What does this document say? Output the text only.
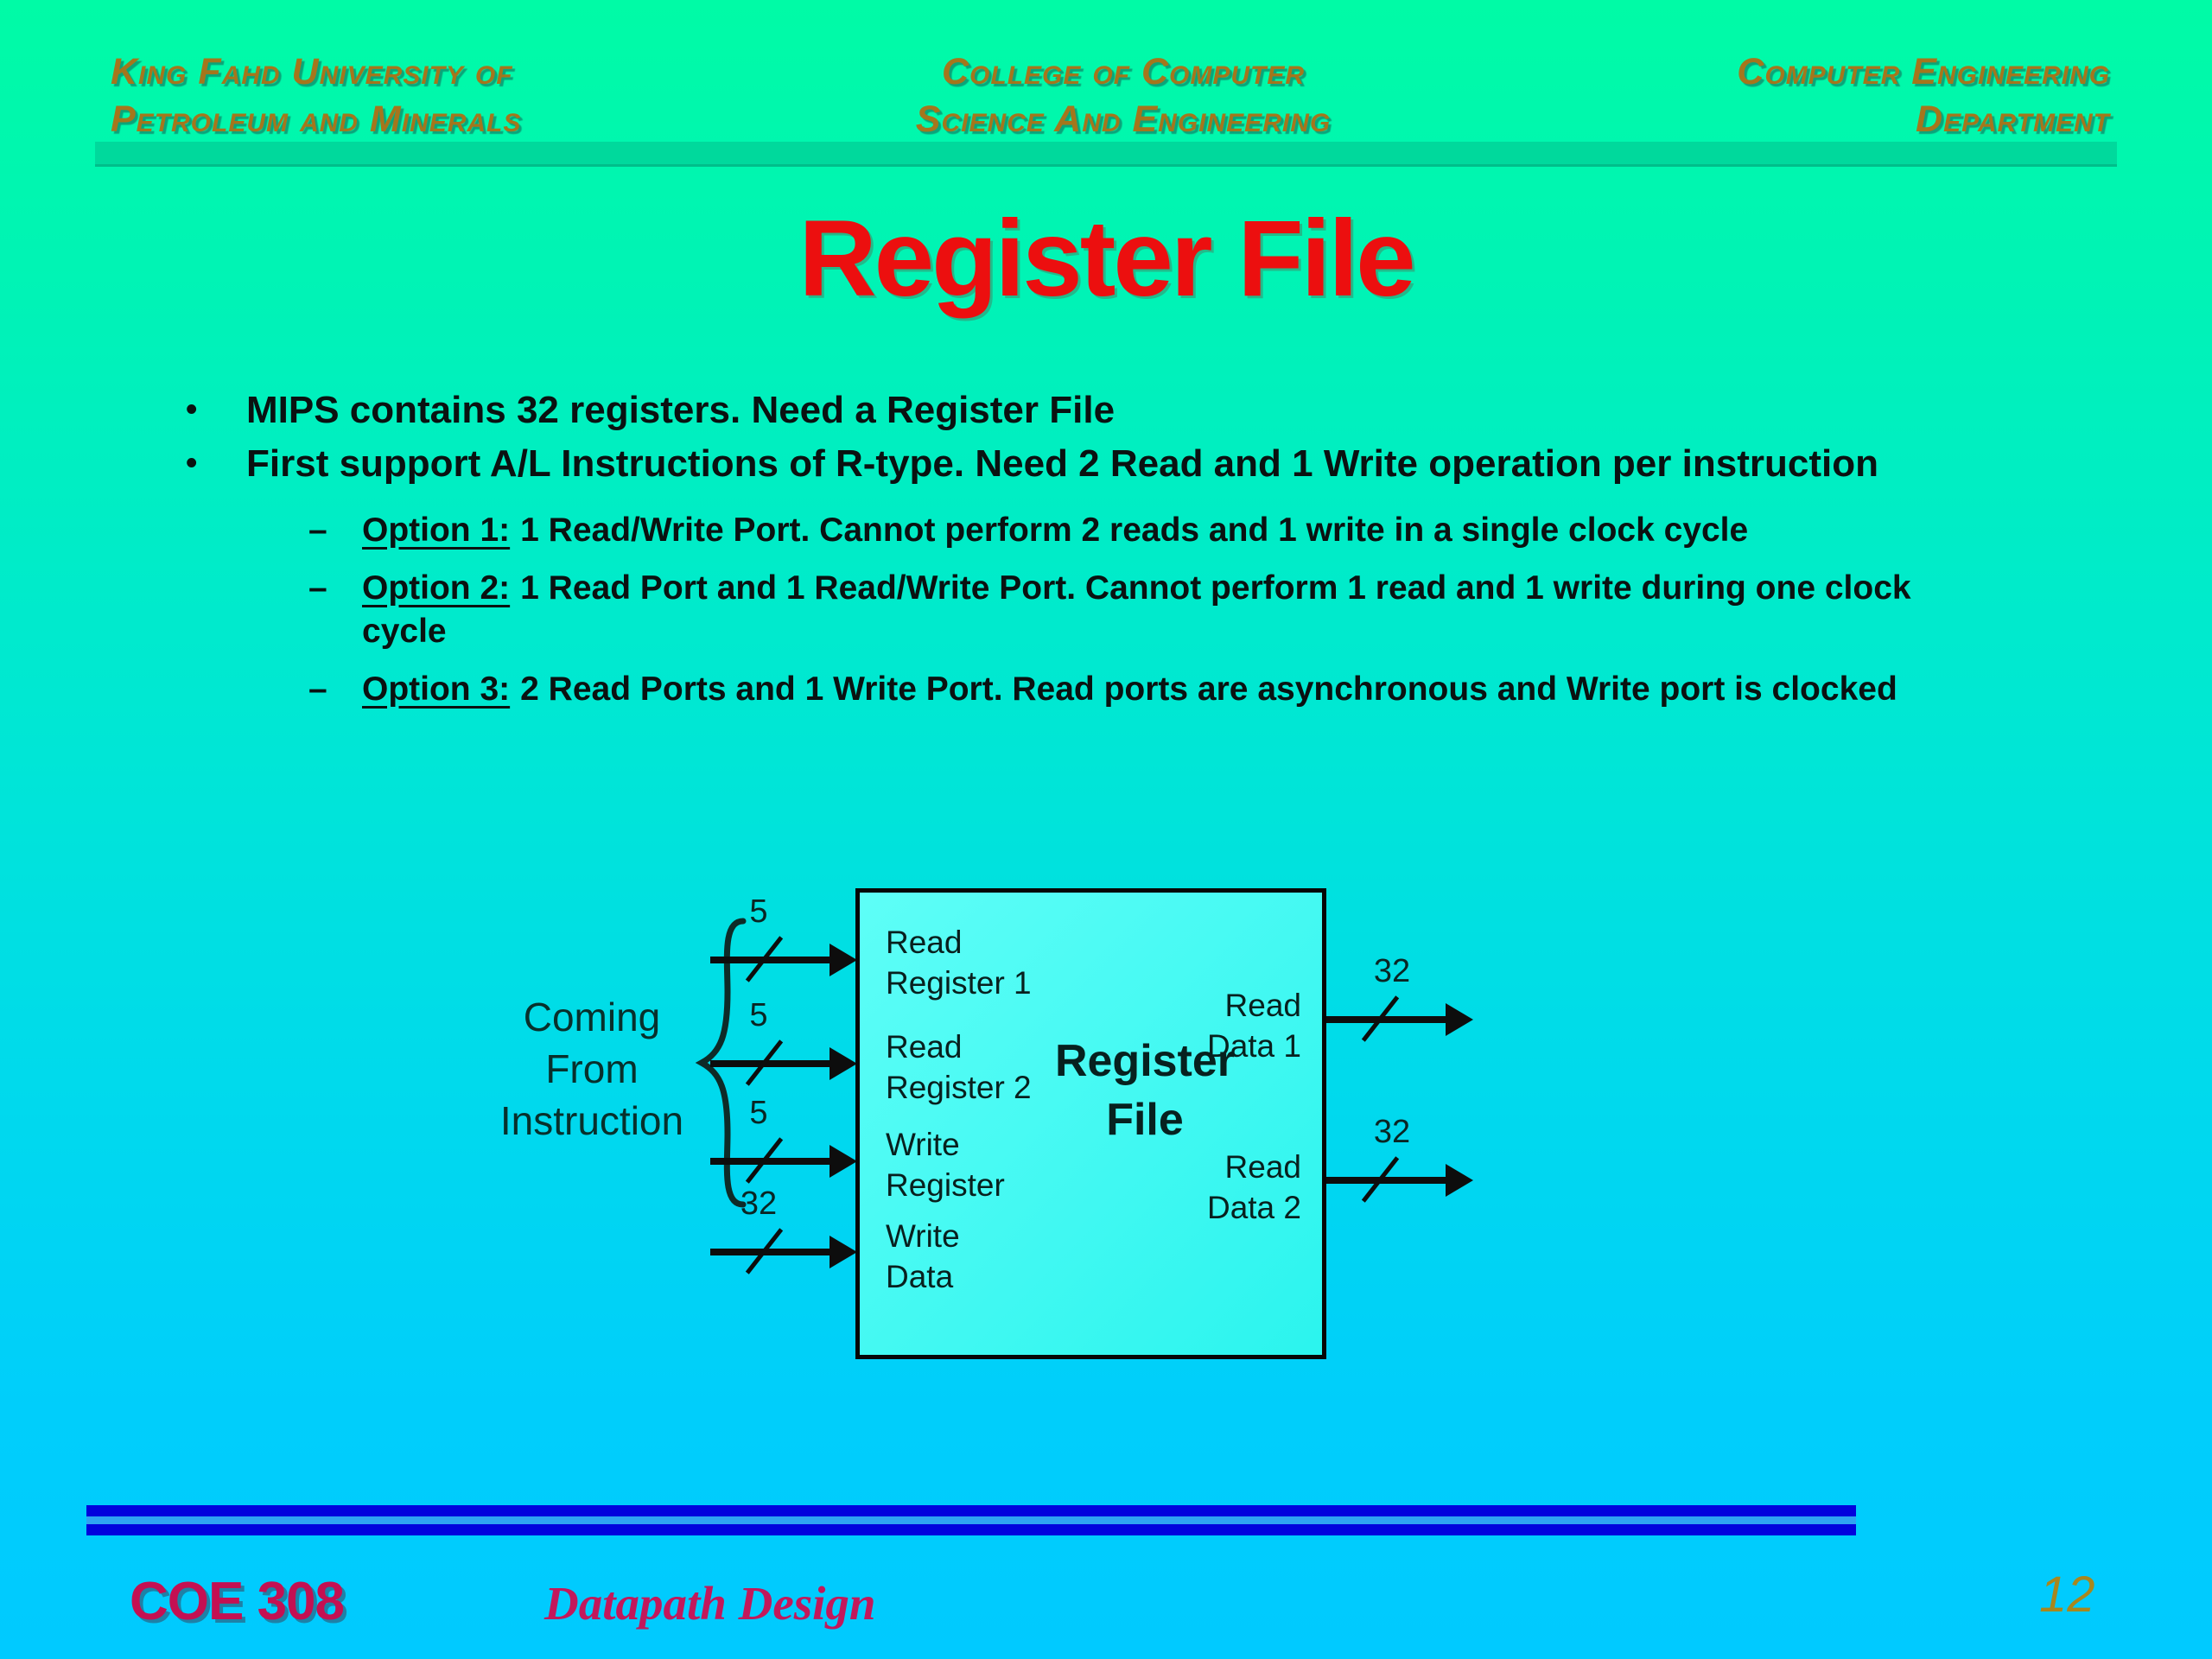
King Fahd University of
Petroleum and Minerals
College of Computer
Science And Engineering
Computer Engineering
Department
Register File
•	MIPS contains 32 registers. Need a Register File
•	First support A/L Instructions of R-type. Need 2 Read and 1 Write operation per instruction
–	Option 1: 1 Read/Write Port. Cannot perform 2 reads and 1 write in a single clock cycle
–	Option 2: 1 Read Port and 1 Read/Write Port. Cannot perform 1 read and 1 write during one clock cycle
–	Option 3: 2 Read Ports and 1 Write Port. Read ports are asynchronous and Write port is clocked
Coming
From
Instruction
5
5
5
32
Read Register 1
Read Register 2
Write Register
Write Data
Read Data 1
Read Data 2
Register
File
32
32
COE 308	Datapath Design	12
